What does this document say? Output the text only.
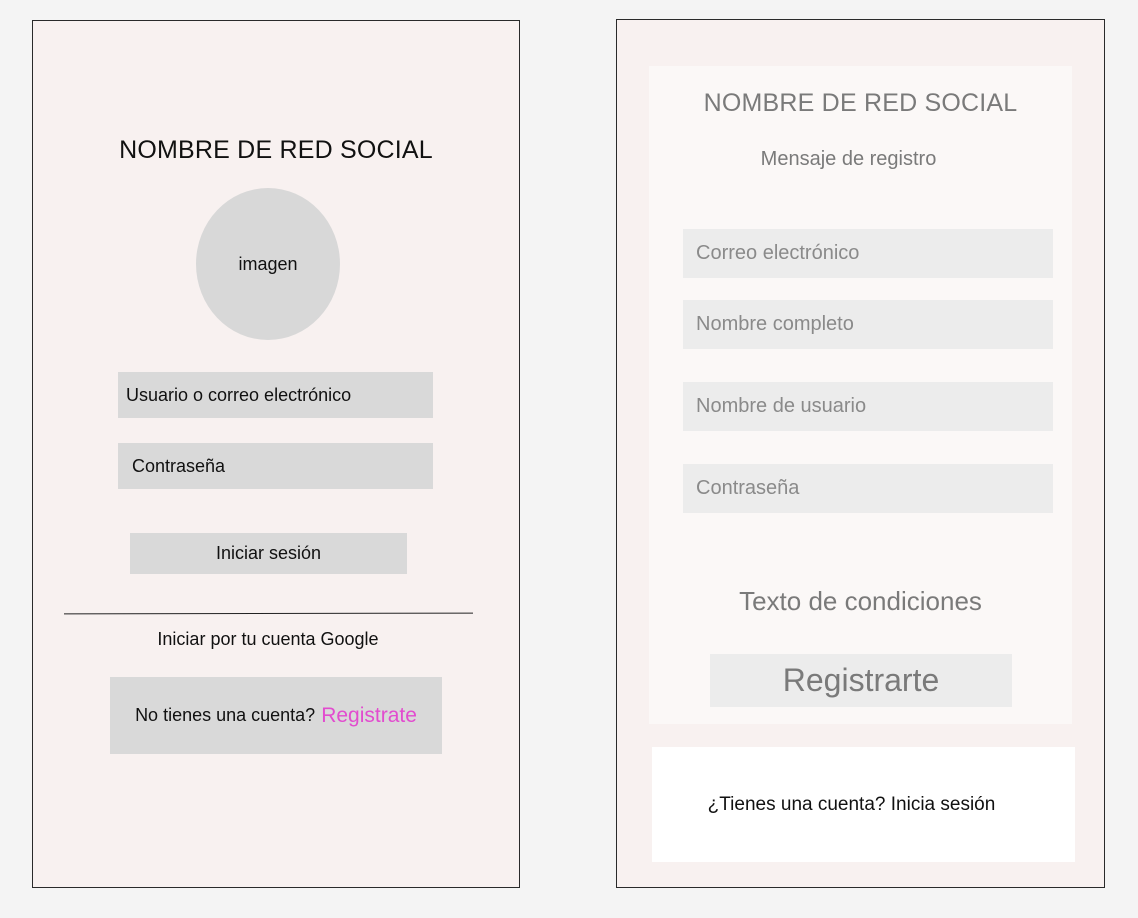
NOMBRE DE RED SOCIAL
imagen
Usuario o correo electrónico
Contraseña
Iniciar sesión
Iniciar por tu cuenta Google
No tienes una cuenta? Registrate
NOMBRE DE RED SOCIAL
Mensaje de registro
Correo electrónico
Nombre completo
Nombre de usuario
Contraseña
Texto de condiciones
Registrarte
¿Tienes una cuenta? Inicia sesión
